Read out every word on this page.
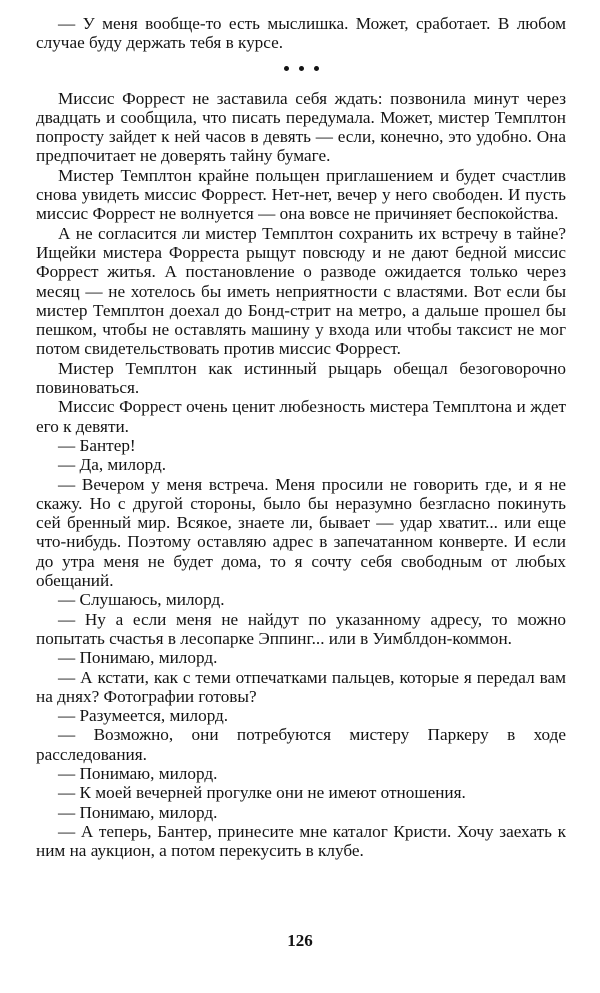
— У меня вообще-то есть мыслишка. Может, сработает. В любом случае буду держать тебя в курсе.

Миссис Форрест не заставила себя ждать: позвонила минут через двадцать и сообщила, что писать передумала. Может, мистер Темплтон попросту зайдет к ней часов в девять — если, конечно, это удобно. Она предпочитает не доверять тайну бумаге.

Мистер Темплтон крайне польщен приглашением и будет счастлив снова увидеть миссис Форрест. Нет-нет, вечер у него свободен. И пусть миссис Форрест не волнуется — она вовсе не причиняет беспокойства.

А не согласится ли мистер Темплтон сохранить их встречу в тайне? Ищейки мистера Форреста рыщут повсюду и не дают бедной миссис Форрест житья. А постановление о разводе ожидается только через месяц — не хотелось бы иметь неприятности с властями. Вот если бы мистер Темплтон доехал до Бонд-стрит на метро, а дальше прошел бы пешком, чтобы не оставлять машину у входа или чтобы таксист не мог потом свидетельствовать против миссис Форрест.

Мистер Темплтон как истинный рыцарь обещал безоговорочно повиноваться.

Миссис Форрест очень ценит любезность мистера Темплтона и ждет его к девяти.

— Бантер!

— Да, милорд.

— Вечером у меня встреча. Меня просили не говорить где, и я не скажу. Но с другой стороны, было бы неразумно безгласно покинуть сей бренный мир. Всякое, знаете ли, бывает — удар хватит... или еще что-нибудь. Поэтому оставляю адрес в запечатанном конверте. И если до утра меня не будет дома, то я сочту себя свободным от любых обещаний.

— Слушаюсь, милорд.

— Ну а если меня не найдут по указанному адресу, то можно попытать счастья в лесопарке Эппинг... или в Уимблдон-коммон.

— Понимаю, милорд.

— А кстати, как с теми отпечатками пальцев, которые я передал вам на днях? Фотографии готовы?

— Разумеется, милорд.

— Возможно, они потребуются мистеру Паркеру в ходе расследования.

— Понимаю, милорд.

— К моей вечерней прогулке они не имеют отношения.

— Понимаю, милорд.

— А теперь, Бантер, принесите мне каталог Кристи. Хочу заехать к ним на аукцион, а потом перекусить в клубе.

126
